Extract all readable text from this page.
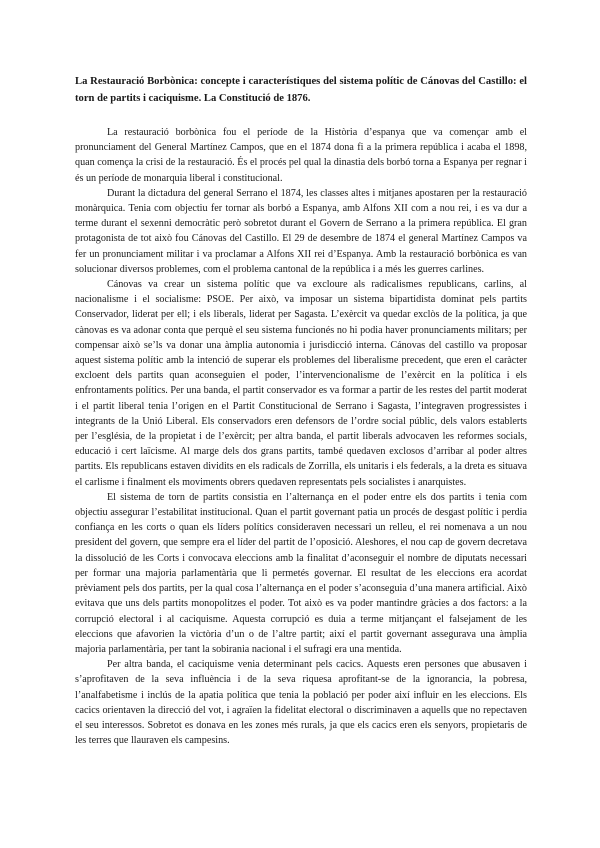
La Restauració Borbònica: concepte i característiques del sistema polític de Cánovas del Castillo: el torn de partits i caciquisme. La Constitució de 1876.

La restauració borbònica fou el període de la Història d’espanya que va començar amb el pronunciament del General Martínez Campos, que en el 1874 dona fi a la primera república i acaba el 1898, quan comença la crisi de la restauració. És el procés pel qual la dinastia dels borbó torna a Espanya per regnar i és un període de monarquia liberal i constitucional.

Durant la dictadura del general Serrano el 1874, les classes altes i mitjanes apostaren per la restauració monàrquica. Tenia com objectiu fer tornar als borbó a Espanya, amb Alfons XII com a nou rei, i es va dur a terme durant el sexenni democràtic però sobretot durant el Govern de Serrano a la primera república. El gran protagonista de tot això fou Cánovas del Castillo. El 29 de desembre de 1874 el general Martínez Campos va fer un pronunciament militar i va proclamar a Alfons XII rei d’Espanya. Amb la restauració borbònica es van solucionar diversos problemes, com el problema cantonal de la república i a més les guerres carlines.

Cánovas va crear un sistema polític que va excloure als radicalismes republicans, carlins, al nacionalisme i el socialisme: PSOE. Per això, va imposar un sistema bipartidista dominat pels partits Conservador, liderat per ell; i els liberals, liderat per Sagasta. L’exèrcit va quedar exclòs de la política, ja que cànovas es va adonar conta que perquè el seu sistema funcionés no hi podia haver pronunciaments militars; per compensar això se’ls va donar una àmplia autonomia i jurisdicció interna. Cánovas del castillo va proposar aquest sistema polític amb la intenció de superar els problemes del liberalisme precedent, que eren el caràcter excloent dels partits quan aconseguien el poder, l’intervencionalisme de l’exèrcit en la política i els enfrontaments polítics. Per una banda, el partit conservador es va formar a partir de les restes del partit moderat i el partit liberal tenia l’origen en el Partit Constitucional de Serrano i Sagasta, l’integraven progressistes i integrants de la Unió Liberal. Els conservadors eren defensors de l’ordre social públic, dels valors establerts per l’església, de la propietat i de l’exèrcit; per altra banda, el partit liberals advocaven les reformes socials, educació i cert laïcisme. Al marge dels dos grans partits, també quedaven exclosos d’arribar al poder altres partits. Els republicans estaven dividits en els radicals de Zorrilla, els unitaris i els federals, a la dreta es situava el carlisme i finalment els moviments obrers quedaven representats pels socialistes i anarquistes.

El sistema de torn de partits consistia en l’alternança en el poder entre els dos partits i tenia com objectiu assegurar l’estabilitat institucional. Quan el partit governant patia un procés de desgast polític i perdia confiança en les corts o quan els líders polítics consideraven necessari un relleu, el rei nomenava a un nou president del govern, que sempre era el líder del partit de l’oposició. Aleshores, el nou cap de govern decretava la dissolució de les Corts i convocava eleccions amb la finalitat d’aconseguir el nombre de diputats necessari per formar una majoria parlamentària que li permetés governar. El resultat de les eleccions era acordat prèviament pels dos partits, per la qual cosa l’alternança en el poder s’aconseguia d’una manera artificial. Això evitava que uns dels partits monopolitzes el poder. Tot això es va poder mantindre gràcies a dos factors: a la corrupció electoral i al caciquisme. Aquesta corrupció es duia a terme mitjançant el falsejament de les eleccions que afavorien la victòria d’un o de l’altre partit; així el partit governant assegurava una àmplia majoria parlamentària, per tant la sobirania nacional i el sufragi era una mentida.

Per altra banda, el caciquisme venia determinant pels cacics. Aquests eren persones que abusaven i s’aprofitaven de la seva influència i de la seva riquesa aprofitant-se de la ignorancia, la pobresa, l’analfabetisme i inclús de la apatia política que tenia la població per poder així influir en les eleccions. Els cacics orientaven la direcció del vot, i agraïen la fidelitat electoral o discriminaven a aquells que no repectaven el seu interessos. Sobretot es donava en les zones més rurals, ja que els cacics eren els senyors, propietaris de les terres que llauraven els campesins.
